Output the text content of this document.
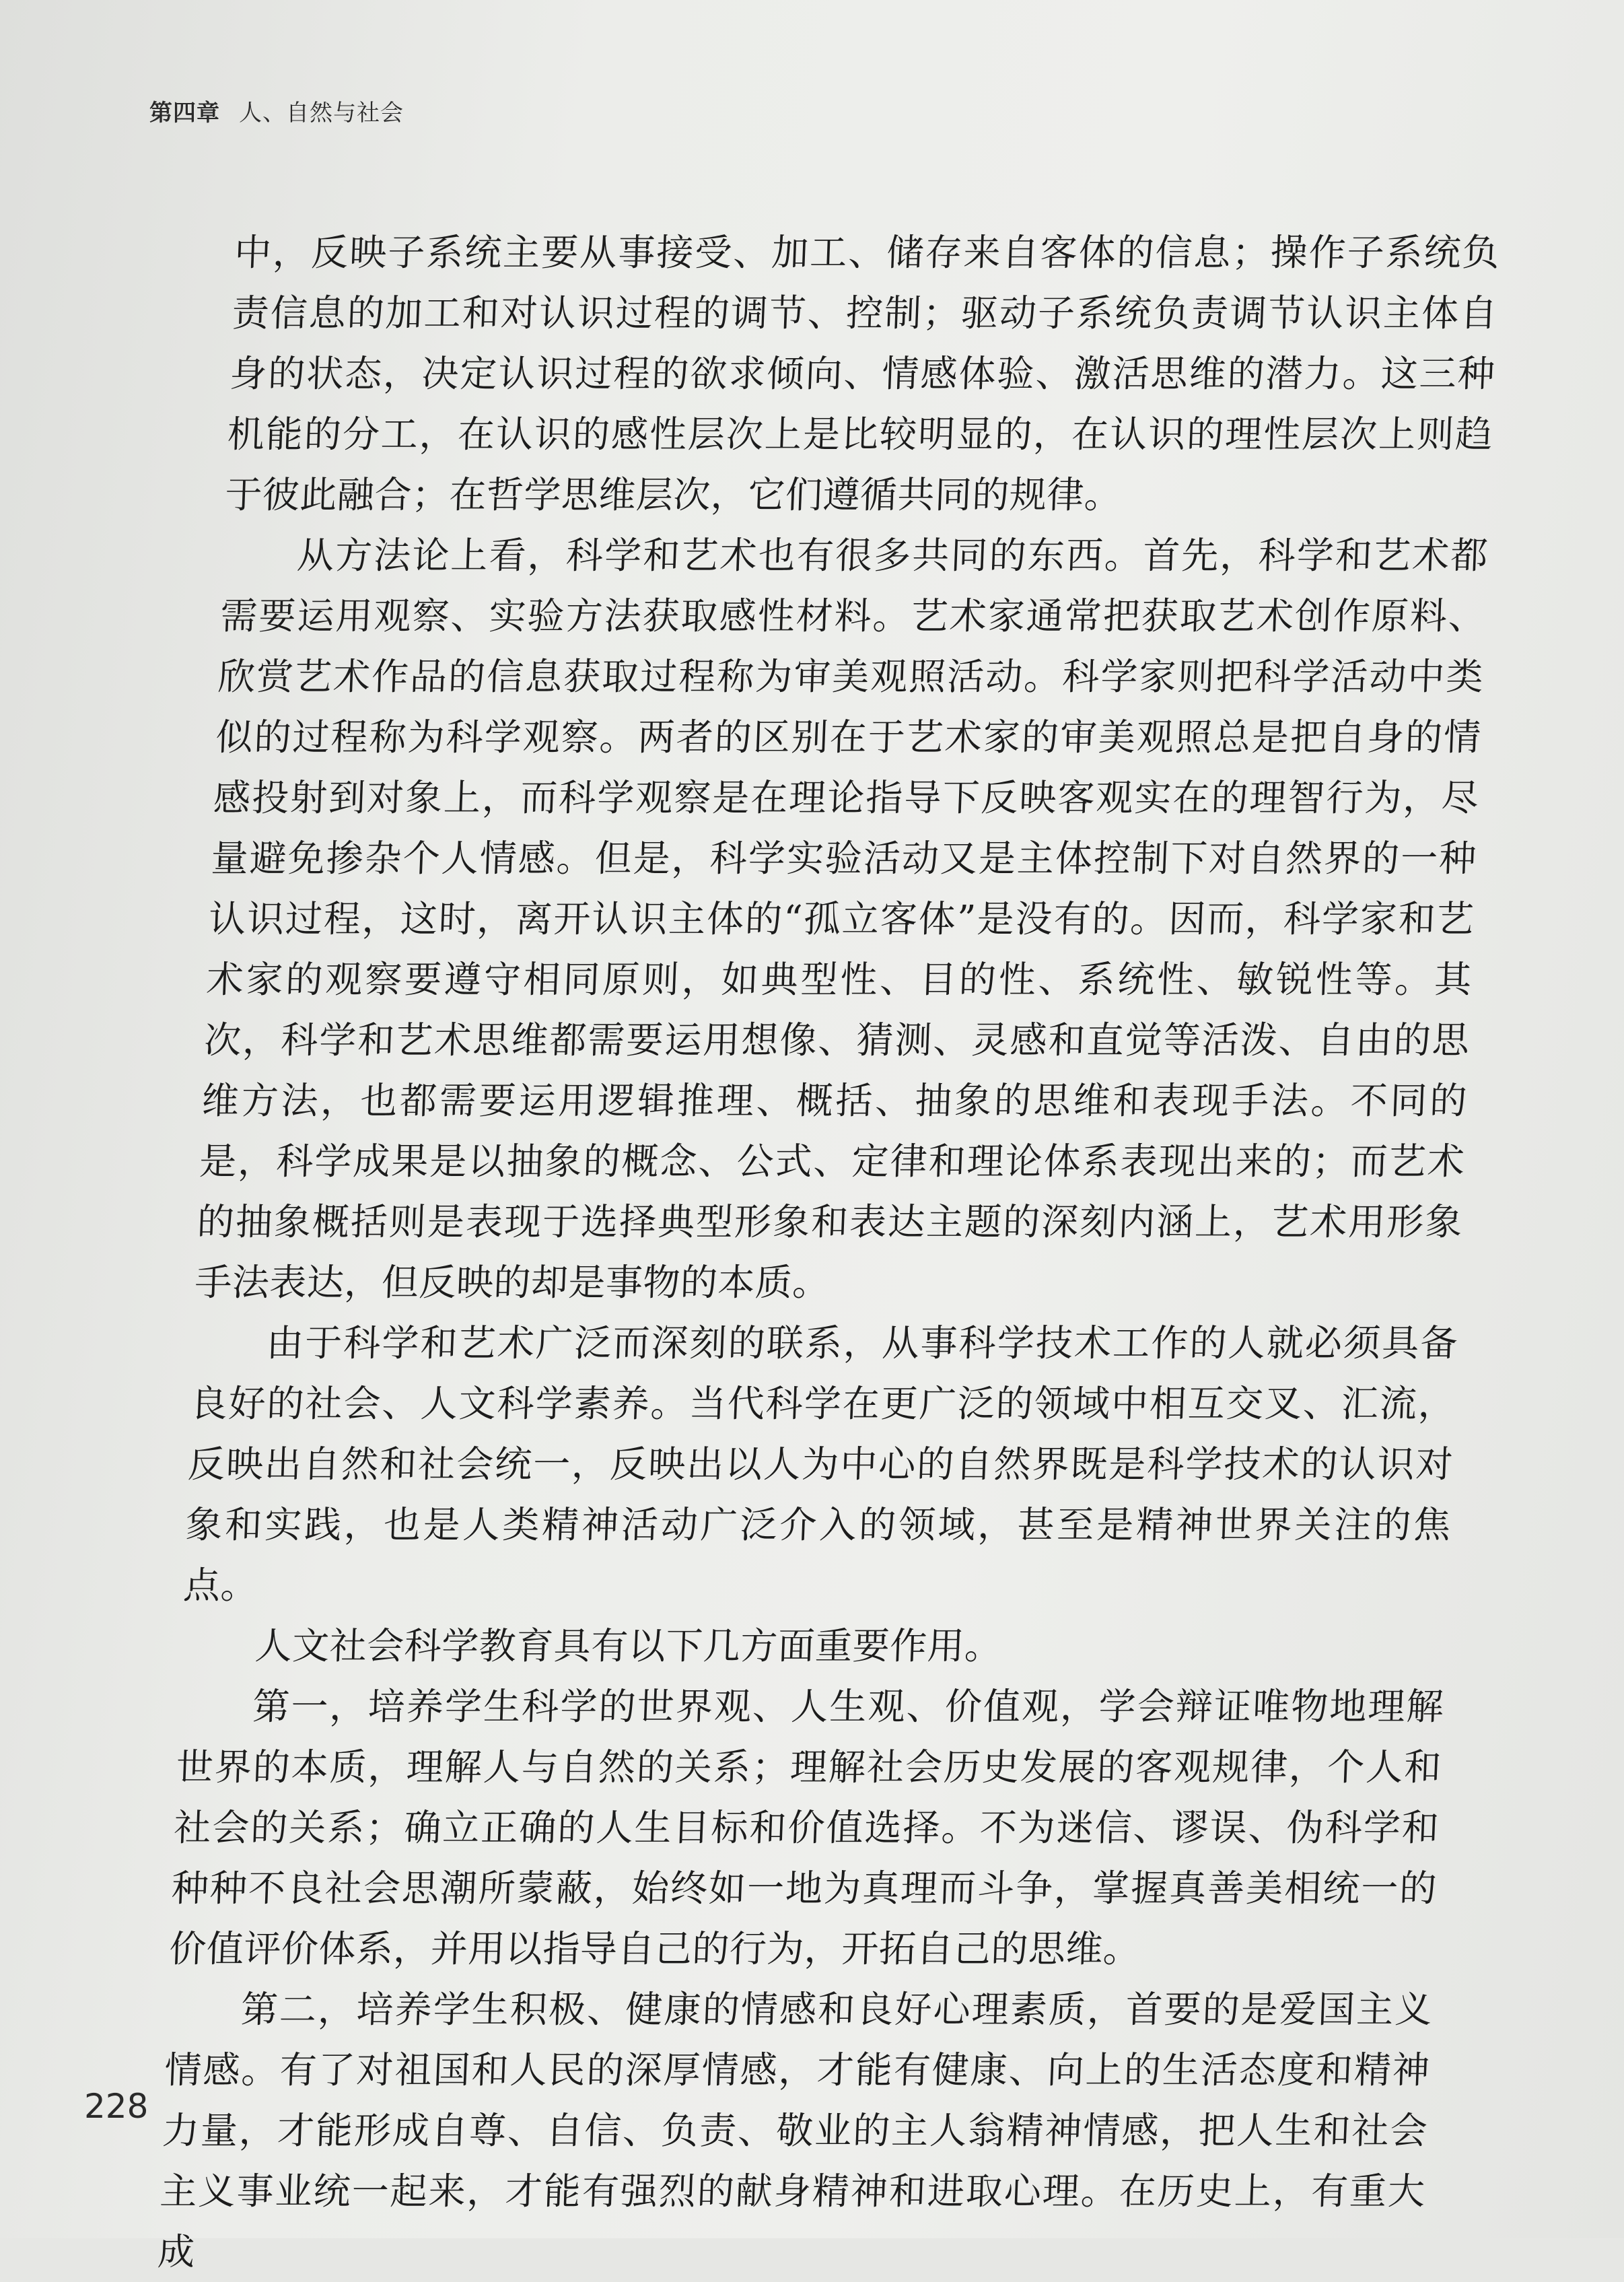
第四章 人、自然与社会

中，反映子系统主要从事接受、加工、储存来自客体的信息；操作子系统负责信息的加工和对认识过程的调节、控制；驱动子系统负责调节认识主体自身的状态，决定认识过程的欲求倾向、情感体验、激活思维的潜力。这三种机能的分工，在认识的感性层次上是比较明显的，在认识的理性层次上则趋于彼此融合；在哲学思维层次，它们遵循共同的规律。

从方法论上看，科学和艺术也有很多共同的东西。首先，科学和艺术都需要运用观察、实验方法获取感性材料。艺术家通常把获取艺术创作原料、欣赏艺术作品的信息获取过程称为审美观照活动。科学家则把科学活动中类似的过程称为科学观察。两者的区别在于艺术家的审美观照总是把自身的情感投射到对象上，而科学观察是在理论指导下反映客观实在的理智行为，尽量避免掺杂个人情感。但是，科学实验活动又是主体控制下对自然界的一种认识过程，这时，离开认识主体的“孤立客体”是没有的。因而，科学家和艺术家的观察要遵守相同原则，如典型性、目的性、系统性、敏锐性等。其次，科学和艺术思维都需要运用想像、猜测、灵感和直觉等活泼、自由的思维方法，也都需要运用逻辑推理、概括、抽象的思维和表现手法。不同的是，科学成果是以抽象的概念、公式、定律和理论体系表现出来的；而艺术的抽象概括则是表现于选择典型形象和表达主题的深刻内涵上，艺术用形象手法表达，但反映的却是事物的本质。

由于科学和艺术广泛而深刻的联系，从事科学技术工作的人就必须具备良好的社会、人文科学素养。当代科学在更广泛的领域中相互交叉、汇流，反映出自然和社会统一，反映出以人为中心的自然界既是科学技术的认识对象和实践，也是人类精神活动广泛介入的领域，甚至是精神世界关注的焦点。

人文社会科学教育具有以下几方面重要作用。

第一，培养学生科学的世界观、人生观、价值观，学会辩证唯物地理解世界的本质，理解人与自然的关系；理解社会历史发展的客观规律，个人和社会的关系；确立正确的人生目标和价值选择。不为迷信、谬误、伪科学和种种不良社会思潮所蒙蔽，始终如一地为真理而斗争，掌握真善美相统一的价值评价体系，并用以指导自己的行为，开拓自己的思维。

第二，培养学生积极、健康的情感和良好心理素质，首要的是爱国主义情感。有了对祖国和人民的深厚情感，才能有健康、向上的生活态度和精神力量，才能形成自尊、自信、负责、敬业的主人翁精神情感，把人生和社会主义事业统一起来，才能有强烈的献身精神和进取心理。在历史上，有重大成

228
